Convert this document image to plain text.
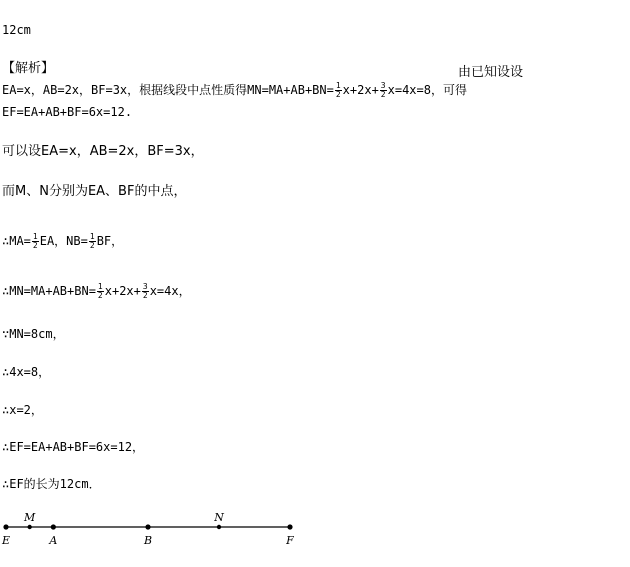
12cm
【解析】	由已知设设
EA=x，AB=2x，BF=3x，根据线段中点性质得$MN=MA+AB+BN= \frac{1}{2} x+2x+ \frac{3}{2} x=4x=8$，可得
EF=EA+AB+BF=6x=12.
可以设EA=x，AB=2x，BF=3x，
而M、N分别为EA、BF的中点，
∴MA= $\frac{1}{2}$ EA，$NB= \frac{1}{2}$ BF，
∴MN=MA+AB+BN= $\frac{1}{2} x+2x+ \frac{3}{2} x=4x$，
∵MN=8cm，
∴4x=8，
∴x=2，
∴EF=EA+AB+BF=6x=12，
∴EF的长为12cm．
E
M
A	B
N
F
